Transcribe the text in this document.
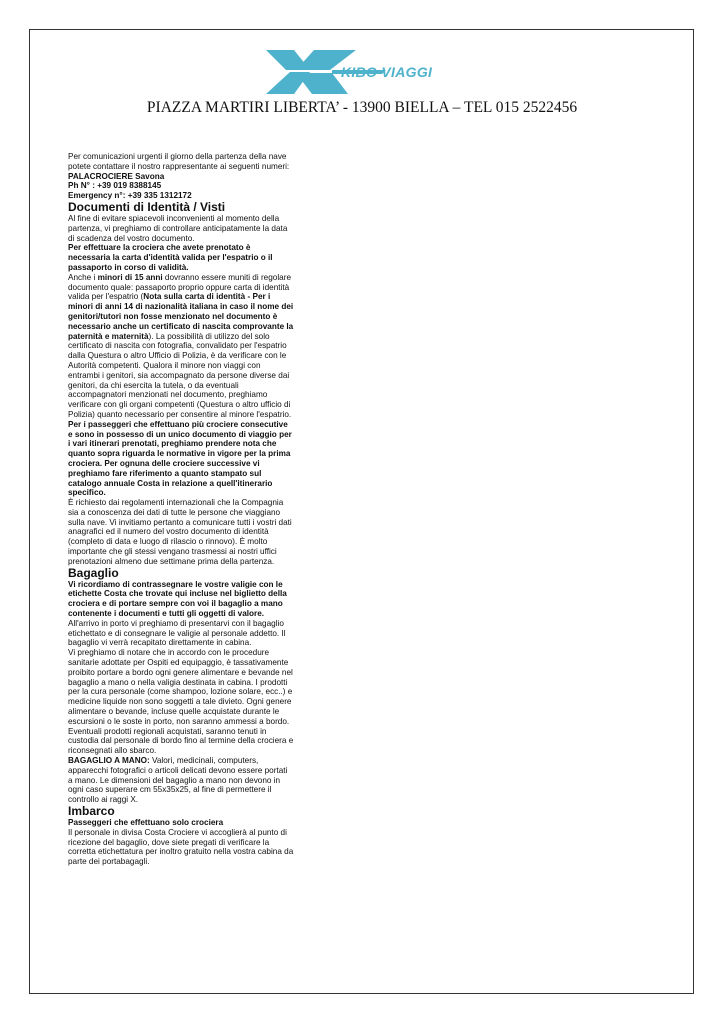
KIBO VIAGGI
PIAZZA MARTIRI LIBERTA’ - 13900 BIELLA – TEL 015 2522456

Per comunicazioni urgenti il giorno della partenza della nave potete contattare il nostro rappresentante ai seguenti numeri:

PALACROCIERE Savona

Ph N° : +39 019 8388145

Emergency n°: +39 335 1312172

Documenti di Identità / Visti

Al fine di evitare spiacevoli inconvenienti al momento della partenza, vi preghiamo di controllare anticipatamente la data di scadenza del vostro documento.

Per effettuare la crociera che avete prenotato è necessaria la carta d'identità valida per l'espatrio o il passaporto in corso di validità.

Anche i minori di 15 anni dovranno essere muniti di regolare documento quale: passaporto proprio oppure carta di identità valida per l'espatrio (Nota sulla carta di identità - Per i minori di anni 14 di nazionalità italiana in caso il nome dei genitori/tutori non fosse menzionato nel documento è necessario anche un certificato di nascita comprovante la paternità e maternità). La possibilità di utilizzo del solo certificato di nascita con fotografia, convalidato per l'espatrio dalla Questura o altro Ufficio di Polizia, è da verificare con le Autorità competenti. Qualora il minore non viaggi con entrambi i genitori, sia accompagnato da persone diverse dai genitori, da chi esercita la tutela, o da eventuali accompagnatori menzionati nel documento, preghiamo verificare con gli organi competenti (Questura o altro ufficio di Polizia) quanto necessario per consentire al minore l'espatrio.

Per i passeggeri che effettuano più crociere consecutive e sono in possesso di un unico documento di viaggio per i vari itinerari prenotati, preghiamo prendere nota che quanto sopra riguarda le normative in vigore per la prima crociera. Per ognuna delle crociere successive vi preghiamo fare riferimento a quanto stampato sul catalogo annuale Costa in relazione a quell'itinerario specifico.

È richiesto dai regolamenti internazionali che la Compagnia sia a conoscenza dei dati di tutte le persone che viaggiano sulla nave. Vi invitiamo pertanto a comunicare tutti i vostri dati anagrafici ed il numero del vostro documento di identità (completo di data e luogo di rilascio o rinnovo). È molto importante che gli stessi vengano trasmessi ai nostri uffici prenotazioni almeno due settimane prima della partenza.

Bagaglio

Vi ricordiamo di contrassegnare le vostre valigie con le etichette Costa che trovate qui incluse nel biglietto della crociera e di portare sempre con voi il bagaglio a mano contenente i documenti e tutti gli oggetti di valore.

All'arrivo in porto vi preghiamo di presentarvi con il bagaglio etichettato e di consegnare le valigie al personale addetto. Il bagaglio vi verrà recapitato direttamente in cabina.

Vi preghiamo di notare che in accordo con le procedure sanitarie adottate per Ospiti ed equipaggio, è tassativamente proibito portare a bordo ogni genere alimentare e bevande nel bagaglio a mano o nella valigia destinata in cabina. I prodotti per la cura personale (come shampoo, lozione solare, ecc..) e medicine liquide non sono soggetti a tale divieto. Ogni genere alimentare o bevande, incluse quelle acquistate durante le escursioni o le soste in porto, non saranno ammessi a bordo. Eventuali prodotti regionali acquistati, saranno tenuti in custodia dal personale di bordo fino al termine della crociera e riconsegnati allo sbarco.

BAGAGLIO A MANO: Valori, medicinali, computers, apparecchi fotografici o articoli delicati devono essere portati a mano. Le dimensioni del bagaglio a mano non devono in ogni caso superare cm 55x35x25, al fine di permettere il controllo ai raggi X.

Imbarco

Passeggeri che effettuano solo crociera

Il personale in divisa Costa Crociere vi accoglierà al punto di ricezione del bagaglio, dove siete pregati di verificare la corretta etichettatura per inoltro gratuito nella vostra cabina da parte dei portabagagli.
